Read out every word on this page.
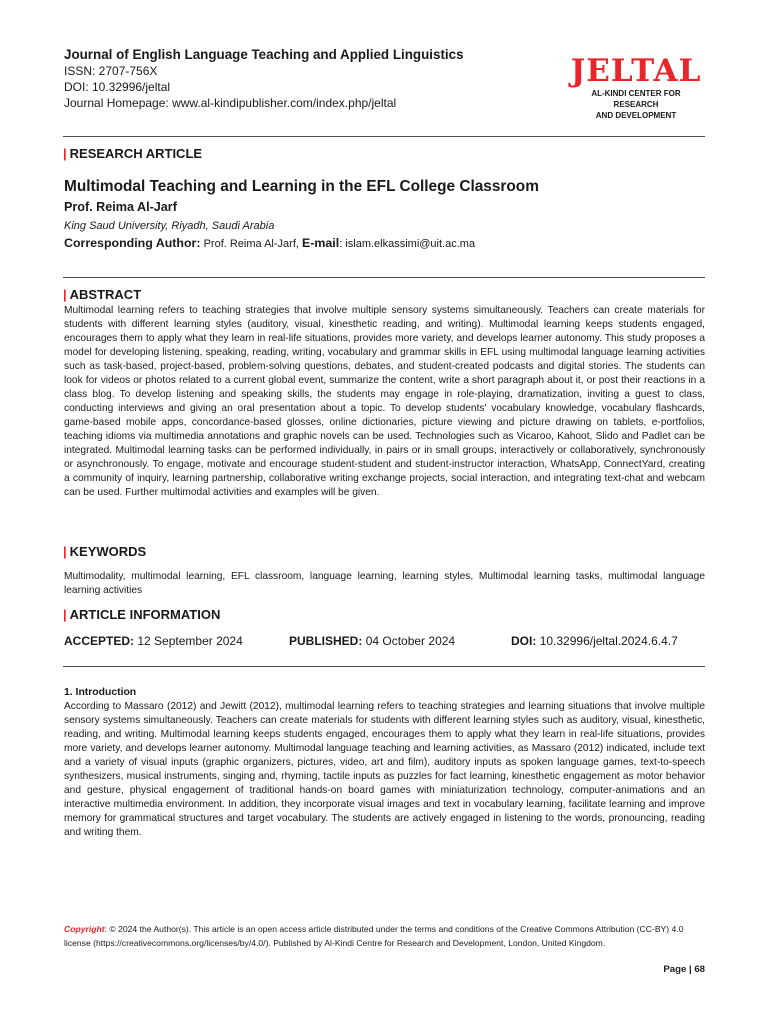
Journal of English Language Teaching and Applied Linguistics
ISSN: 2707-756X
DOI: 10.32996/jeltal
Journal Homepage: www.al-kindipublisher.com/index.php/jeltal
JELTAL
AL-KINDI CENTER FOR RESEARCH
AND DEVELOPMENT
| RESEARCH ARTICLE
Multimodal Teaching and Learning in the EFL College Classroom
Prof. Reima Al-Jarf
King Saud University, Riyadh, Saudi Arabia
Corresponding Author: Prof. Reima Al-Jarf, E-mail: islam.elkassimi@uit.ac.ma
| ABSTRACT
Multimodal learning refers to teaching strategies that involve multiple sensory systems simultaneously. Teachers can create materials for students with different learning styles (auditory, visual, kinesthetic reading, and writing). Multimodal learning keeps students engaged, encourages them to apply what they learn in real-life situations, provides more variety, and develops learner autonomy. This study proposes a model for developing listening, speaking, reading, writing, vocabulary and grammar skills in EFL using multimodal language learning activities such as task-based, project-based, problem-solving questions, debates, and student-created podcasts and digital stories. The students can look for videos or photos related to a current global event, summarize the content, write a short paragraph about it, or post their reactions in a class blog. To develop listening and speaking skills, the students may engage in role-playing, dramatization, inviting a guest to class, conducting interviews and giving an oral presentation about a topic. To develop students' vocabulary knowledge, vocabulary flashcards, game-based mobile apps, concordance-based glosses, online dictionaries, picture viewing and picture drawing on tablets, e-portfolios, teaching idioms via multimedia annotations and graphic novels can be used. Technologies such as Vicaroo, Kahoot, Slido and Padlet can be integrated. Multimodal learning tasks can be performed individually, in pairs or in small groups, interactively or collaboratively, synchronously or asynchronously. To engage, motivate and encourage student-student and student-instructor interaction, WhatsApp, ConnectYard, creating a community of inquiry, learning partnership, collaborative writing exchange projects, social interaction, and integrating text-chat and webcam can be used. Further multimodal activities and examples will be given.
| KEYWORDS
Multimodality, multimodal learning, EFL classroom, language learning, learning styles, Multimodal learning tasks, multimodal language learning activities
| ARTICLE INFORMATION
ACCEPTED: 12 September 2024	PUBLISHED: 04 October 2024	DOI: 10.32996/jeltal.2024.6.4.7
1. Introduction
According to Massaro (2012) and Jewitt (2012), multimodal learning refers to teaching strategies and learning situations that involve multiple sensory systems simultaneously. Teachers can create materials for students with different learning styles such as auditory, visual, kinesthetic, reading, and writing. Multimodal learning keeps students engaged, encourages them to apply what they learn in real-life situations, provides more variety, and develops learner autonomy. Multimodal language teaching and learning activities, as Massaro (2012) indicated, include text and a variety of visual inputs (graphic organizers, pictures, video, art and film), auditory inputs as spoken language games, text-to-speech synthesizers, musical instruments, singing and, rhyming, tactile inputs as puzzles for fact learning, kinesthetic engagement as motor behavior and gesture, physical engagement of traditional hands-on board games with miniaturization technology, computer-animations and an interactive multimedia environment. In addition, they incorporate visual images and text in vocabulary learning, facilitate learning and improve memory for grammatical structures and target vocabulary. The students are actively engaged in listening to the words, pronouncing, reading and writing them.
Copyright: © 2024 the Author(s). This article is an open access article distributed under the terms and conditions of the Creative Commons Attribution (CC-BY) 4.0 license (https://creativecommons.org/licenses/by/4.0/). Published by Al-Kindi Centre for Research and Development, London, United Kingdom.
Page | 68
